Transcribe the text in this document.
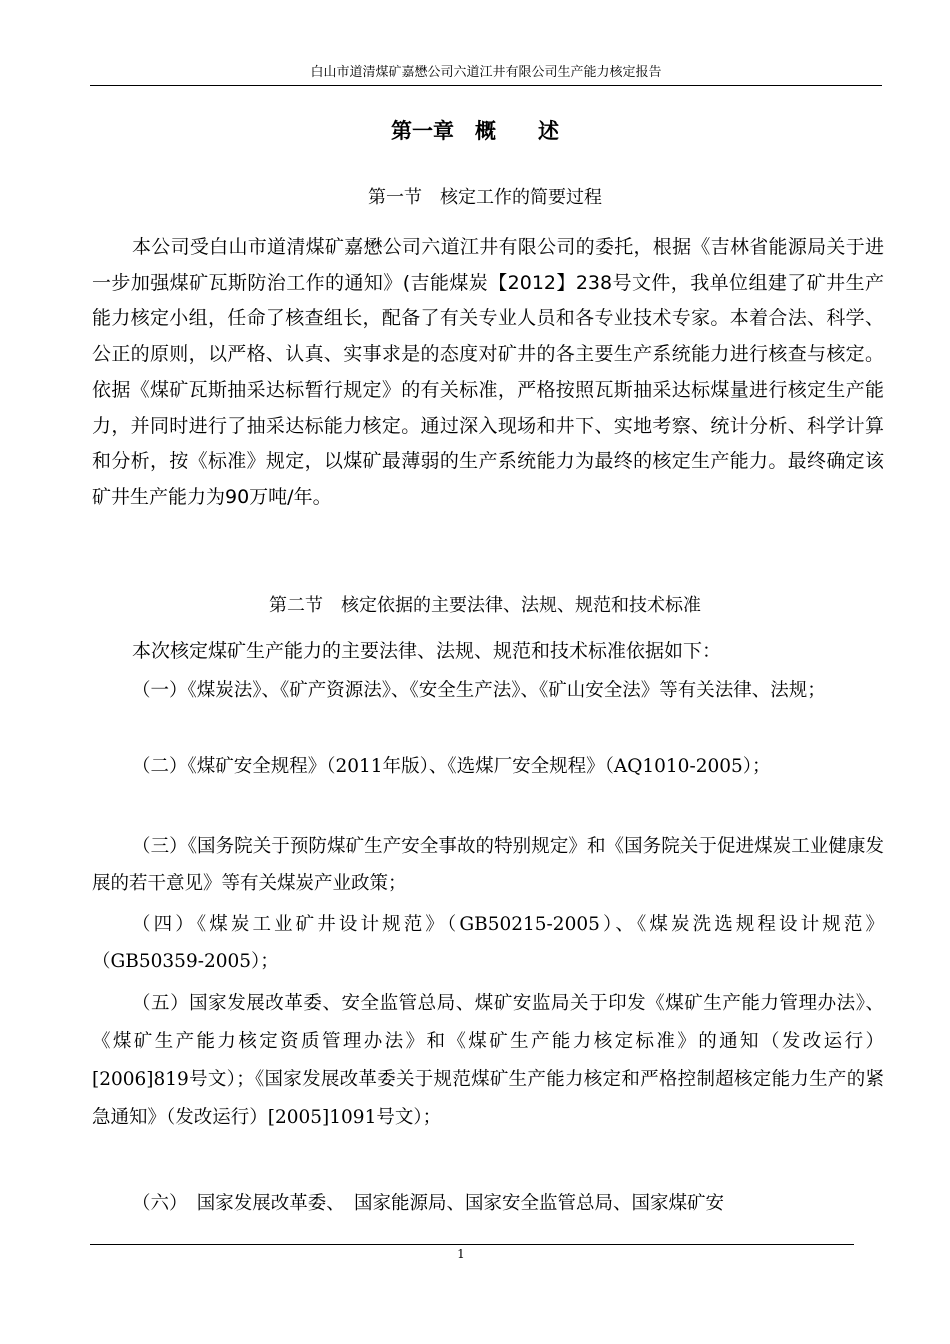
白山市道清煤矿嘉懋公司六道江井有限公司生产能力核定报告
第一章　概　　述
第一节　核定工作的简要过程

本公司受白山市道清煤矿嘉懋公司六道江井有限公司的委托，根据《吉林省能源局关于进一步加强煤矿瓦斯防治工作的通知》(吉能煤炭【2012】238号文件，我单位组建了矿井生产能力核定小组，任命了核查组长，配备了有关专业人员和各专业技术专家。本着合法、科学、公正的原则，以严格、认真、实事求是的态度对矿井的各主要生产系统能力进行核查与核定。依据《煤矿瓦斯抽采达标暂行规定》的有关标准，严格按照瓦斯抽采达标煤量进行核定生产能力，并同时进行了抽采达标能力核定。通过深入现场和井下、实地考察、统计分析、科学计算和分析，按《标准》规定，以煤矿最薄弱的生产系统能力为最终的核定生产能力。最终确定该矿井生产能力为90万吨/年。

第二节　核定依据的主要法律、法规、规范和技术标准

本次核定煤矿生产能力的主要法律、法规、规范和技术标准依据如下：

（一）《煤炭法》、《矿产资源法》、《安全生产法》、《矿山安全法》等有关法律、法规；

（二）《煤矿安全规程》（2011年版）、《选煤厂安全规程》（AQ1010-2005）；

（三）《国务院关于预防煤矿生产安全事故的特别规定》和《国务院关于促进煤炭工业健康发展的若干意见》等有关煤炭产业政策；

（四）《煤炭工业矿井设计规范》（GB50215-2005）、《煤炭洗选规程设计规范》（GB50359-2005）；

（五）国家发展改革委、安全监管总局、煤矿安监局关于印发《煤矿生产能力管理办法》、《煤矿生产能力核定资质管理办法》和《煤矿生产能力核定标准》的通知（发改运行）[2006]819号文）；《国家发展改革委关于规范煤矿生产能力核定和严格控制超核定能力生产的紧急通知》（发改运行）[2005]1091号文）；

（六）　国家发展改革委、　国家能源局、国家安全监管总局、国家煤矿安

1
